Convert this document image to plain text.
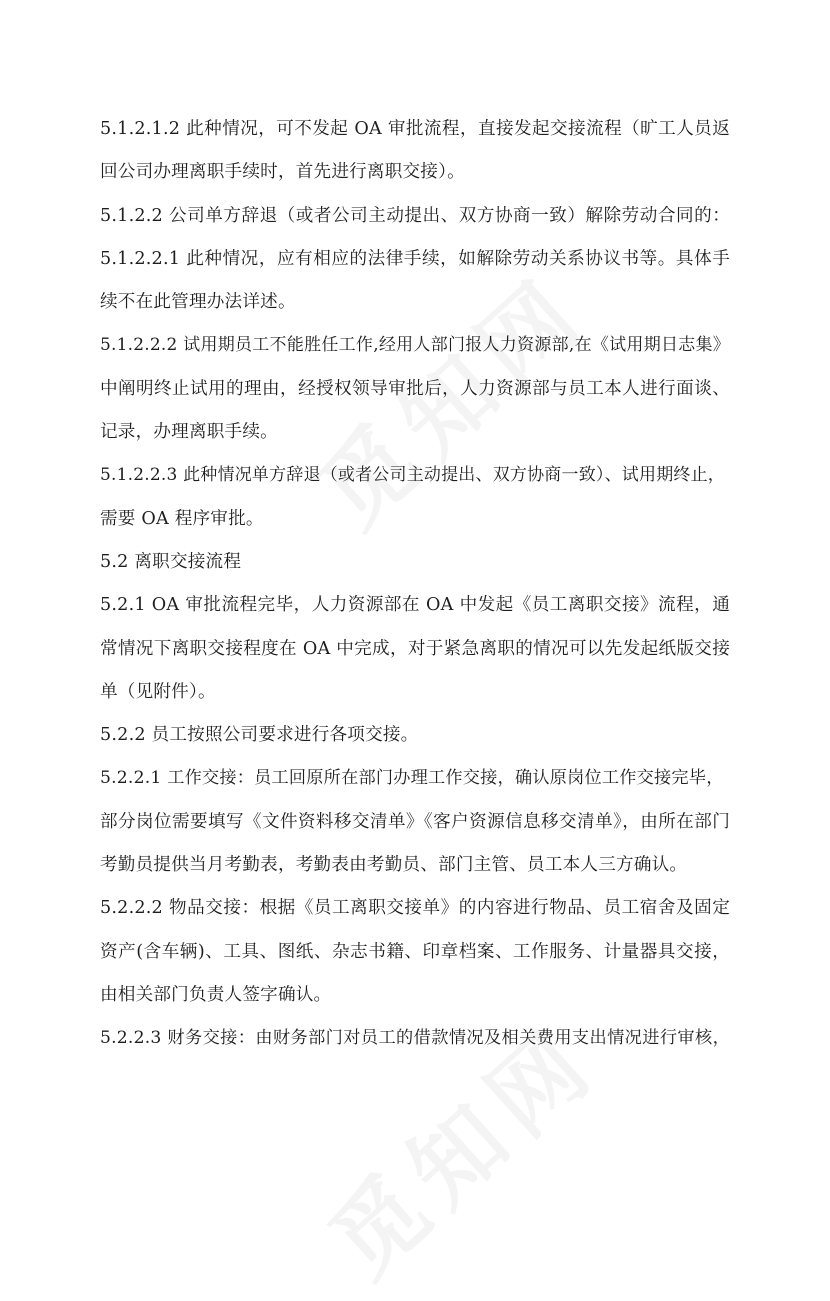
5.1.2.1.2 此种情况，可不发起 OA 审批流程，直接发起交接流程（旷工人员返
回公司办理离职手续时，首先进行离职交接）。
5.1.2.2 公司单方辞退（或者公司主动提出、双方协商一致）解除劳动合同的：
5.1.2.2.1 此种情况，应有相应的法律手续，如解除劳动关系协议书等。具体手
续不在此管理办法详述。
5.1.2.2.2 试用期员工不能胜任工作,经用人部门报人力资源部,在《试用期日志集》
中阐明终止试用的理由，经授权领导审批后，人力资源部与员工本人进行面谈、
记录，办理离职手续。
5.1.2.2.3 此种情况单方辞退（或者公司主动提出、双方协商一致）、试用期终止，
需要 OA 程序审批。
5.2 离职交接流程
5.2.1 OA 审批流程完毕，人力资源部在 OA 中发起《员工离职交接》流程，通
常情况下离职交接程度在 OA 中完成，对于紧急离职的情况可以先发起纸版交接
单（见附件）。
5.2.2 员工按照公司要求进行各项交接。
5.2.2.1 工作交接：员工回原所在部门办理工作交接，确认原岗位工作交接完毕，
部分岗位需要填写《文件资料移交清单》《客户资源信息移交清单》，由所在部门
考勤员提供当月考勤表，考勤表由考勤员、部门主管、员工本人三方确认。
5.2.2.2 物品交接：根据《员工离职交接单》的内容进行物品、员工宿舍及固定
资产(含车辆)、工具、图纸、杂志书籍、印章档案、工作服务、计量器具交接，
由相关部门负责人签字确认。
5.2.2.3 财务交接：由财务部门对员工的借款情况及相关费用支出情况进行审核，
